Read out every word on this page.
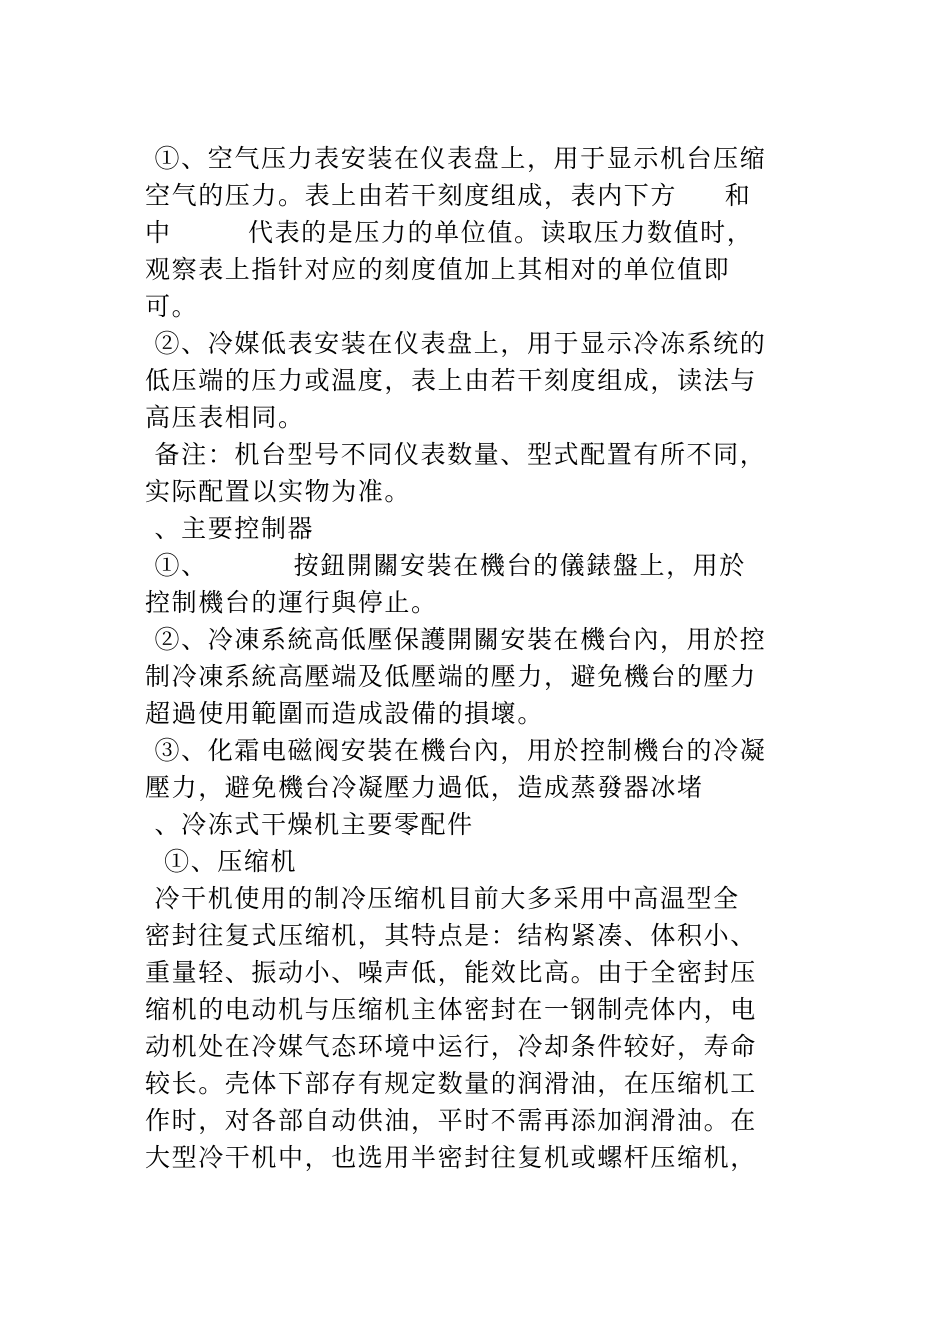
①、空气压力表安装在仪表盘上，用于显示机台压缩
空气的压力。表上由若干刻度组成，表内下方     和
中        代表的是压力的单位值。读取压力数值时，
观察表上指针对应的刻度值加上其相对的单位值即
可。
②、冷媒低表安装在仪表盘上，用于显示冷冻系统的
低压端的压力或温度，表上由若干刻度组成，读法与
高压表相同。
备注：机台型号不同仪表数量、型式配置有所不同，
实际配置以实物为准。
、主要控制器
①、         按鈕開關安裝在機台的儀錶盤上，用於
控制機台的運行與停止。
②、冷凍系統高低壓保護開關安裝在機台內，用於控
制冷凍系統高壓端及低壓端的壓力，避免機台的壓力
超過使用範圍而造成設備的損壞。
③、化霜电磁阀安裝在機台內，用於控制機台的冷凝
壓力，避免機台冷凝壓力過低，造成蒸發器冰堵
、冷冻式干燥机主要零配件
①、压缩机
冷干机使用的制冷压缩机目前大多采用中高温型全
密封往复式压缩机，其特点是：结构紧凑、体积小、
重量轻、振动小、噪声低，能效比高。由于全密封压
缩机的电动机与压缩机主体密封在一钢制壳体内，电
动机处在冷媒气态环境中运行，冷却条件较好，寿命
较长。壳体下部存有规定数量的润滑油，在压缩机工
作时，对各部自动供油，平时不需再添加润滑油。在
大型冷干机中，也选用半密封往复机或螺杆压缩机，
